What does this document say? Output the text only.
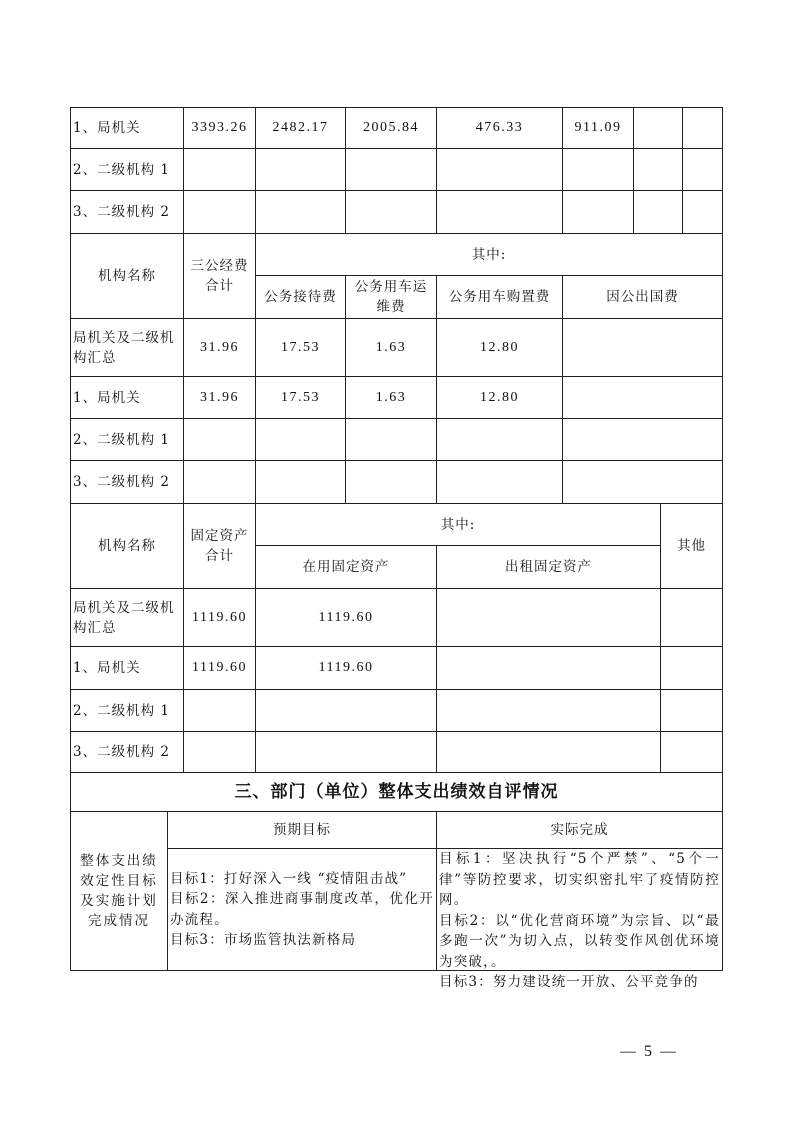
1、局机关	3393.26	2482.17	2005.84	476.33	911.09
2、二级机构 1
3、二级机构 2
机构名称
三公经费合计
其中:
公务接待费
公务用车运维费
公务用车购置费	因公出国费
局机关及二级机构汇总
31.96	17.53	1.63	12.80
1、局机关	31.96	17.53	1.63	12.80
2、二级机构 1
3、二级机构 2
机构名称
固定资产合计
其中:
在用固定资产	出租固定资产
其他
局机关及二级机构汇总
1119.60	1119.60
1、局机关	1119.60	1119.60
2、二级机构 1
3、二级机构 2
三、部门（单位）整体支出绩效自评情况
整体支出绩效定性目标及实施计划完成情况
预期目标	实际完成
目标1：打好深入一线 “疫情阻击战”
目标2：深入推进商事制度改革，优化开办流程。
目标3：市场监管执法新格局
目标1：坚决执行“5个严禁”、“5个一律”等防控要求，切实织密扎牢了疫情防控网。
目标2：以“优化营商环境”为宗旨、以“最多跑一次”为切入点，以转变作风创优环境为突破，。
目标3：努力建设统一开放、公平竞争的
— 5 —
